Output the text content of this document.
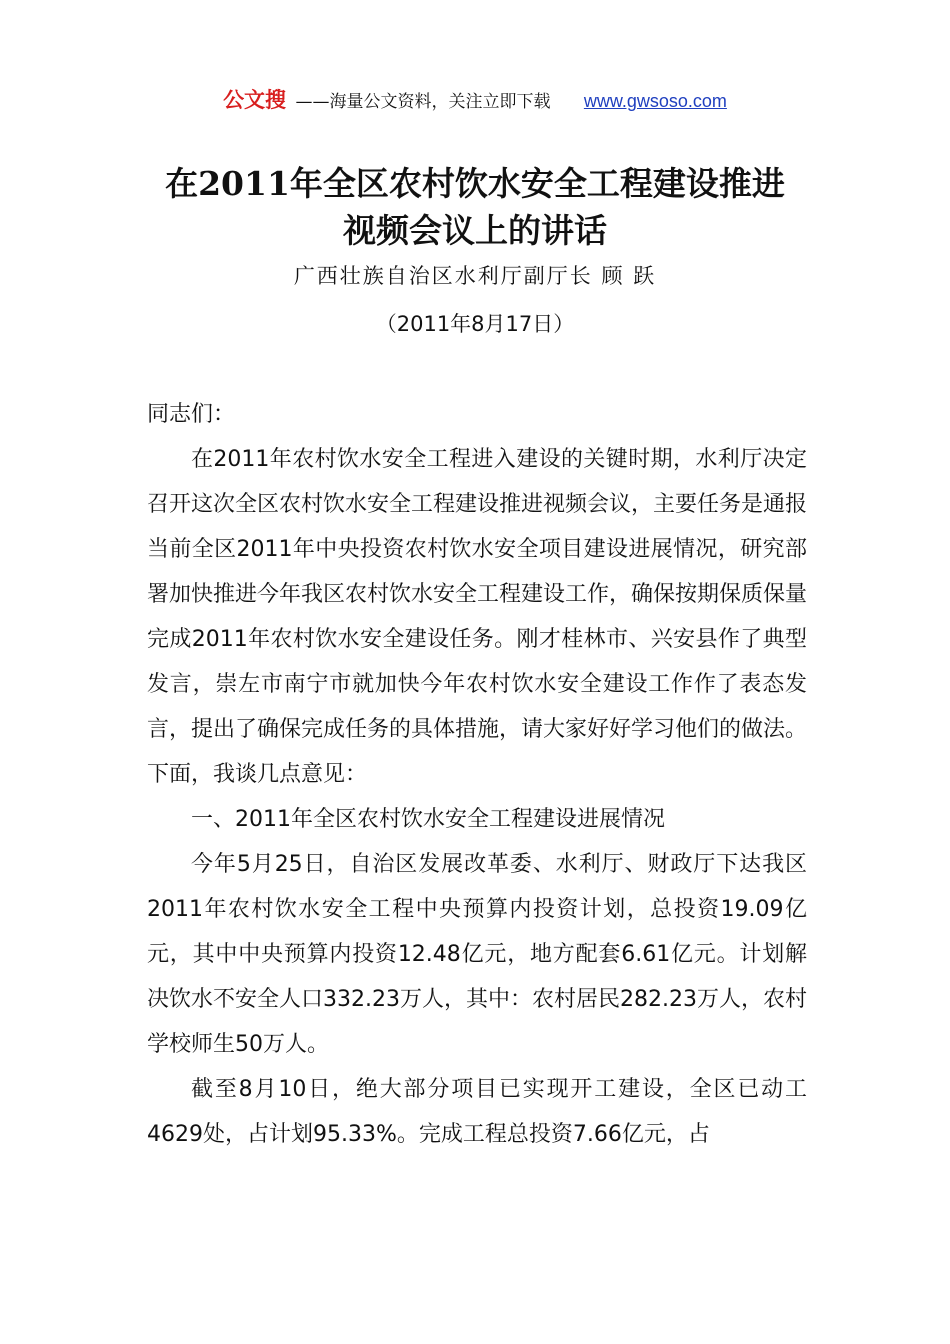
公文搜 ——海量公文资料，关注立即下载 www.gwsoso.com
在2011年全区农村饮水安全工程建设推进
视频会议上的讲话
广西壮族自治区水利厅副厅长 顾 跃
（2011年8月17日）

同志们：

在2011年农村饮水安全工程进入建设的关键时期，水利厅决定召开这次全区农村饮水安全工程建设推进视频会议，主要任务是通报当前全区2011年中央投资农村饮水安全项目建设进展情况，研究部署加快推进今年我区农村饮水安全工程建设工作，确保按期保质保量完成2011年农村饮水安全建设任务。刚才桂林市、兴安县作了典型发言，崇左市南宁市就加快今年农村饮水安全建设工作作了表态发言，提出了确保完成任务的具体措施，请大家好好学习他们的做法。下面，我谈几点意见：

一、2011年全区农村饮水安全工程建设进展情况

今年5月25日，自治区发展改革委、水利厅、财政厅下达我区2011年农村饮水安全工程中央预算内投资计划，总投资19.09亿元，其中中央预算内投资12.48亿元，地方配套6.61亿元。计划解决饮水不安全人口332.23万人，其中：农村居民282.23万人，农村学校师生50万人。

截至8月10日，绝大部分项目已实现开工建设，全区已动工4629处，占计划95.33%。完成工程总投资7.66亿元，占
